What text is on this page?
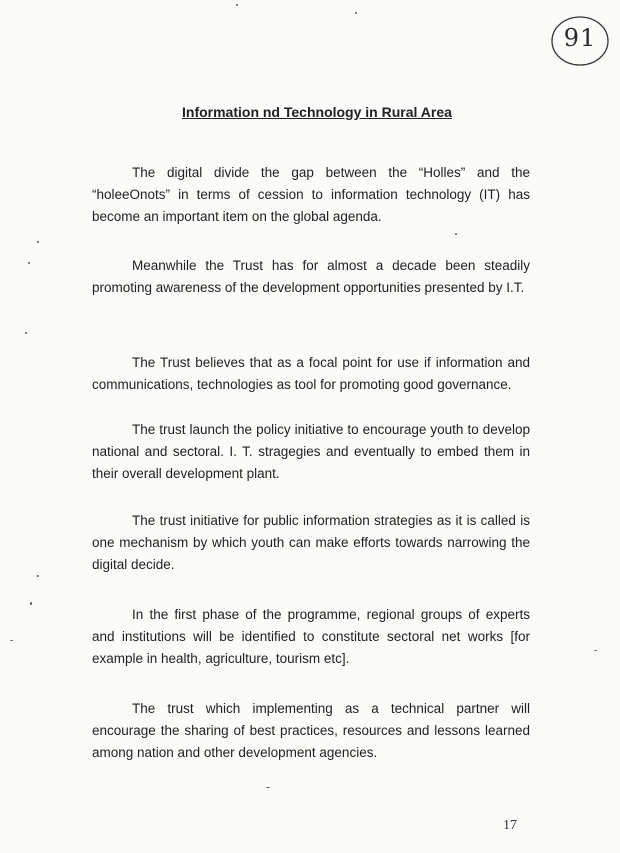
91
Information nd Technology in Rural Area

The digital divide the gap between the “Holles” and the “holeeOnots” in terms of cession to information technology (IT) has become an important item on the global agenda.

Meanwhile the Trust has for almost a decade been steadily promoting awareness of the development opportunities presented by I.T.

The Trust believes that as a focal point for use if information and communications, technologies as tool for promoting good governance.

The trust launch the policy initiative to encourage youth to develop national and sectoral. I. T. stragegies and eventually to embed them in their overall development plant.

The trust initiative for public information strategies as it is called is one mechanism by which youth can make efforts towards narrowing the digital decide.

In the first phase of the programme, regional groups of experts and institutions will be identified to constitute sectoral net works [for example in health, agriculture, tourism etc].

The trust which implementing as a technical partner will encourage the sharing of best practices, resources and lessons learned among nation and other development agencies.

17
